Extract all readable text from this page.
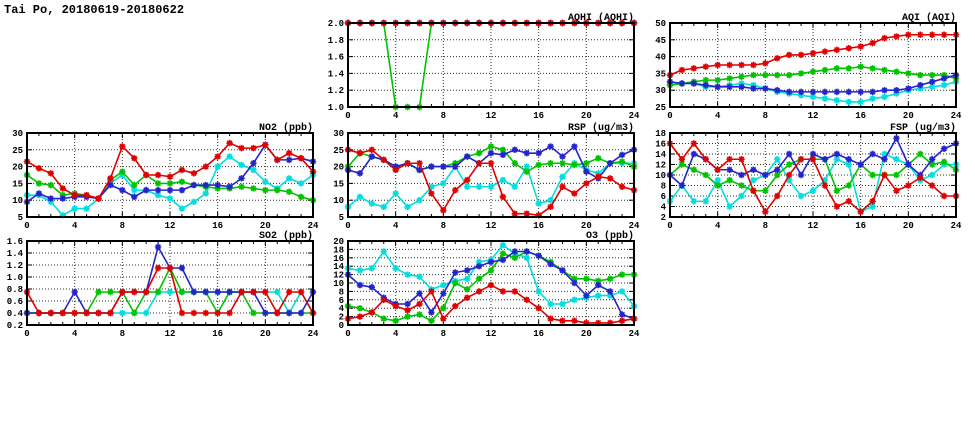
Tai Po, 20180619-20180622
AQHI (AQHI)
0	4	8	12	16	20	24
1.0
1.2
1.4
1.6
1.8
2.0	AQI (AQI)
0	4	8	12	16	20	24
25
30
35
40
45
50
NO2 (ppb)
0	4	8	12	16	20	24
5
10
15
20
25
30	RSP (ug/m3)
0	4	8	12	16	20	24
5
10
15
20
25
30	FSP (ug/m3)
0	4	8	12	16	20	24
2
4
6
8
10
12
14
16
18
SO2 (ppb)
0	4	8	12	16	20	24
0.2
0.4
0.6
0.8
1.0
1.2
1.4
1.6	O3 (ppb)
0	4	8	12	16	20	24
0
2
4
6
8
10
12
14
16
18
20
